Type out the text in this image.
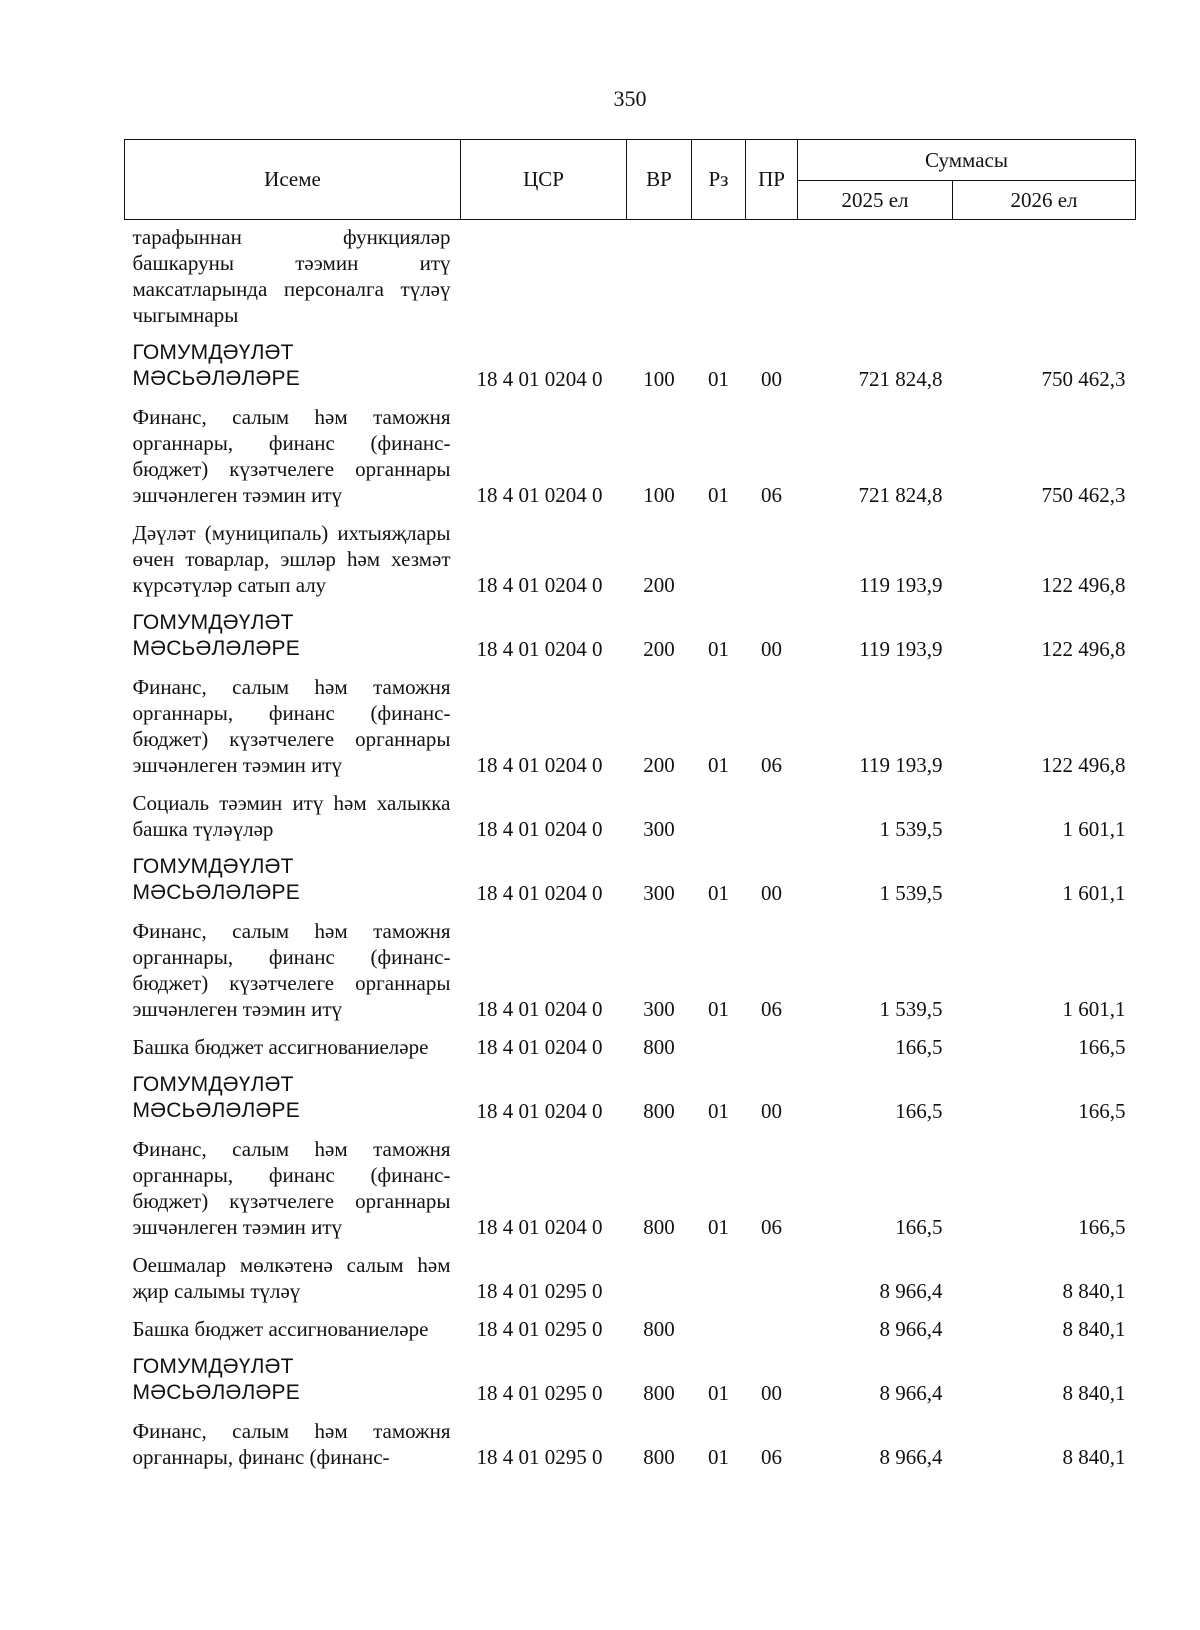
350
Исеме	ЦСР	ВР	Рз	ПР	Суммасы	
					2025 ел	2026 ел
тарафыннан функцияләр башкаруны тәэмин итү максатларында персоналга түләү чыгымнары						
ГОМУМДӘҮЛӘТ МӘСЬӘЛӘЛӘРЕ	18 4 01 0204 0	100	01	00	721 824,8	750 462,3
Финанс, салым һәм таможня органнары, финанс (финанс-бюджет) күзәтчелеге органнары эшчәнлеген тәэмин итү	18 4 01 0204 0	100	01	06	721 824,8	750 462,3
Дәүләт (муниципаль) ихтыяҗлары өчен товарлар, эшләр һәм хезмәт күрсәтүләр сатып алу	18 4 01 0204 0	200			119 193,9	122 496,8
ГОМУМДӘҮЛӘТ МӘСЬӘЛӘЛӘРЕ	18 4 01 0204 0	200	01	00	119 193,9	122 496,8
Финанс, салым һәм таможня органнары, финанс (финанс-бюджет) күзәтчелеге органнары эшчәнлеген тәэмин итү	18 4 01 0204 0	200	01	06	119 193,9	122 496,8
Социаль тәэмин итү һәм халыкка башка түләүләр	18 4 01 0204 0	300			1 539,5	1 601,1
ГОМУМДӘҮЛӘТ МӘСЬӘЛӘЛӘРЕ	18 4 01 0204 0	300	01	00	1 539,5	1 601,1
Финанс, салым һәм таможня органнары, финанс (финанс-бюджет) күзәтчелеге органнары эшчәнлеген тәэмин итү	18 4 01 0204 0	300	01	06	1 539,5	1 601,1
Башка бюджет ассигнованиеләре	18 4 01 0204 0	800			166,5	166,5
ГОМУМДӘҮЛӘТ МӘСЬӘЛӘЛӘРЕ	18 4 01 0204 0	800	01	00	166,5	166,5
Финанс, салым һәм таможня органнары, финанс (финанс-бюджет) күзәтчелеге органнары эшчәнлеген тәэмин итү	18 4 01 0204 0	800	01	06	166,5	166,5
Оешмалар мөлкәтенә салым һәм җир салымы түләү	18 4 01 0295 0				8 966,4	8 840,1
Башка бюджет ассигнованиеләре	18 4 01 0295 0	800			8 966,4	8 840,1
ГОМУМДӘҮЛӘТ МӘСЬӘЛӘЛӘРЕ	18 4 01 0295 0	800	01	00	8 966,4	8 840,1
Финанс, салым һәм таможня органнары, финанс (финанс-	18 4 01 0295 0	800	01	06	8 966,4	8 840,1
